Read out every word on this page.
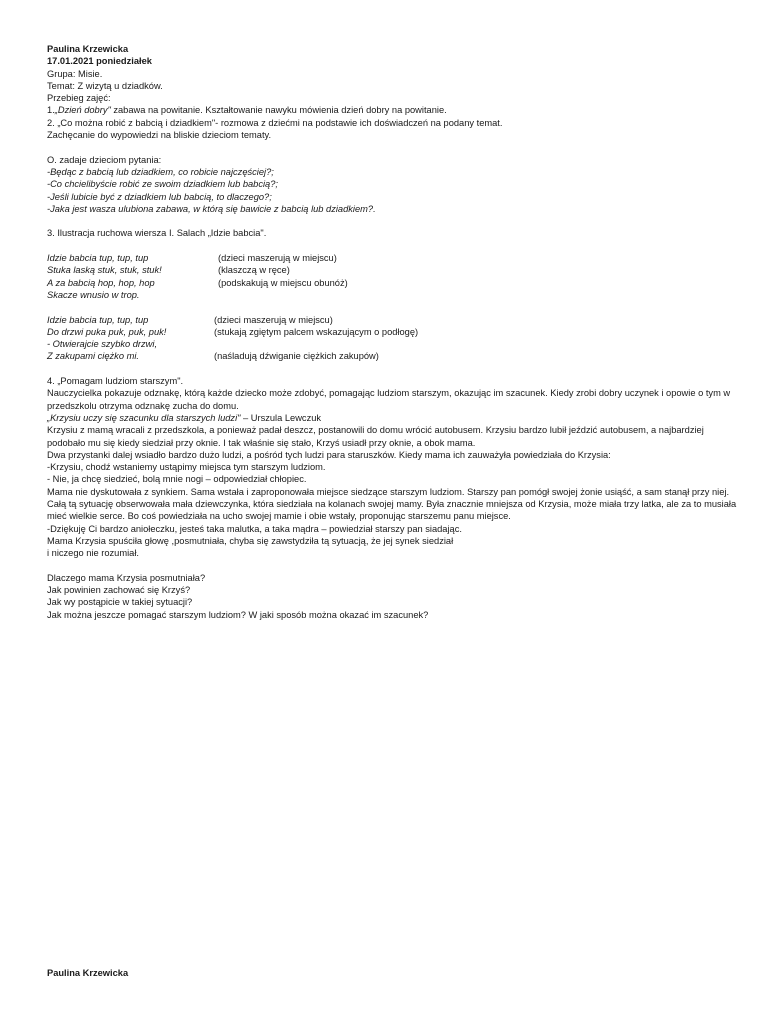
Paulina Krzewicka
17.01.2021 poniedziałek
Grupa: Misie.
Temat: Z wizytą u dziadków.
Przebieg zajęć:
1.„Dzień dobry" zabawa na powitanie. Kształtowanie nawyku mówienia dzień dobry na powitanie.
2. „Co można robić z babcią i dziadkiem"- rozmowa z dziećmi na podstawie ich doświadczeń na podany temat.
Zachęcanie do wypowiedzi na bliskie dzieciom tematy.
O. zadaje dzieciom pytania:
-Będąc z babcią lub dziadkiem, co robicie najczęściej?;
-Co chcielibyście robić ze swoim dziadkiem lub babcią?;
-Jeśli lubicie być z dziadkiem lub babcią, to dlaczego?;
-Jaka jest wasza ulubiona zabawa, w którą się bawicie z babcią lub dziadkiem?.
3. Ilustracja ruchowa wiersza I. Salach „Idzie babcia".
Idzie babcia tup, tup, tup	(dzieci maszerują w miejscu)
Stuka laską stuk, stuk, stuk!	(klaszczą w ręce)
A za babcią hop, hop, hop	(podskakują w miejscu obunóż)
Skacze wnusio w trop.
Idzie babcia tup, tup, tup	(dzieci maszerują w miejscu)
Do drzwi puka puk, puk, puk!	(stukają zgiętym palcem wskazującym o podłogę)
- Otwierajcie szybko drzwi,
Z zakupami ciężko mi.	(naśladują dźwiganie ciężkich zakupów)
4. „Pomagam ludziom starszym".
Nauczycielka pokazuje odznakę, którą każde dziecko może zdobyć, pomagając ludziom starszym, okazując im szacunek. Kiedy zrobi dobry uczynek i opowie o tym w przedszkolu otrzyma odznakę zucha do domu.
„Krzysiu uczy się szacunku dla starszych ludzi" – Urszula Lewczuk
Krzysiu z mamą wracali z przedszkola, a ponieważ padał deszcz, postanowili do domu wrócić autobusem. Krzysiu bardzo lubił jeździć autobusem, a najbardziej podobało mu się kiedy siedział przy oknie. I tak właśnie się stało, Krzyś usiadł przy oknie, a obok mama.
Dwa przystanki dalej wsiadło bardzo dużo ludzi, a pośród tych ludzi para staruszków. Kiedy mama ich zauważyła powiedziała do Krzysia:
-Krzysiu, chodź wstaniemy ustąpimy miejsca tym starszym ludziom.
- Nie, ja chcę siedzieć, bolą mnie nogi – odpowiedział chłopiec.
Mama nie dyskutowała z synkiem. Sama wstała i zaproponowała miejsce siedzące starszym ludziom. Starszy pan pomógł swojej żonie usiąść, a sam stanął przy niej. Całą tą sytuację obserwowała mała dziewczynka, która siedziała na kolanach swojej mamy. Była znacznie mniejsza od Krzysia, może miała trzy latka, ale za to musiała mieć wielkie serce. Bo coś powiedziała na ucho swojej mamie i obie wstały, proponując starszemu panu miejsce.
-Dziękuję Ci bardzo aniołeczku, jesteś taka malutka, a taka mądra – powiedział starszy pan siadając.
Mama Krzysia spuściła głowę ,posmutniała, chyba się zawstydziła tą sytuacją, że jej synek siedział
i niczego nie rozumiał.
Dlaczego mama Krzysia posmutniała?
Jak powinien zachować się Krzyś?
Jak wy postąpicie w takiej sytuacji?
Jak można jeszcze pomagać starszym ludziom? W jaki sposób można okazać im szacunek?
Paulina Krzewicka
